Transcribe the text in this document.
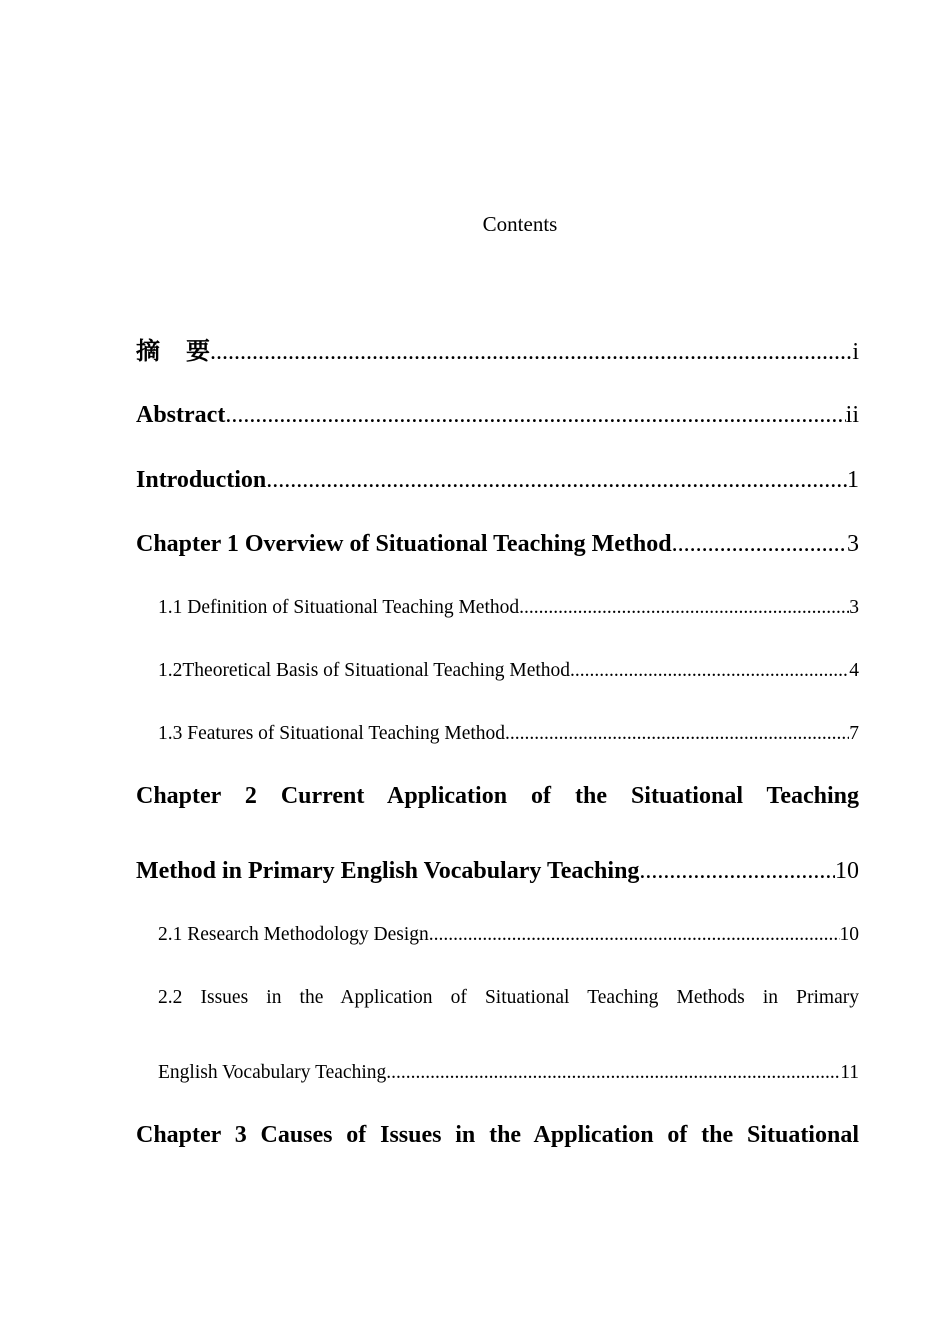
Contents
摘 要 .....	i
Abstract .....	ii
Introduction .....	1
Chapter 1 Overview of Situational Teaching Method .....	3
1.1 Definition of Situational Teaching Method .....	3
1.2Theoretical Basis of Situational Teaching Method .....	4
1.3 Features of Situational Teaching Method .....	7
Chapter 2 Current Application of the Situational Teaching
Method in Primary English Vocabulary Teaching .....	10
2.1 Research Methodology Design .....	10
2.2 Issues in the Application of Situational Teaching Methods in Primary
English Vocabulary Teaching .....	11
Chapter 3 Causes of Issues in the Application of the Situational
